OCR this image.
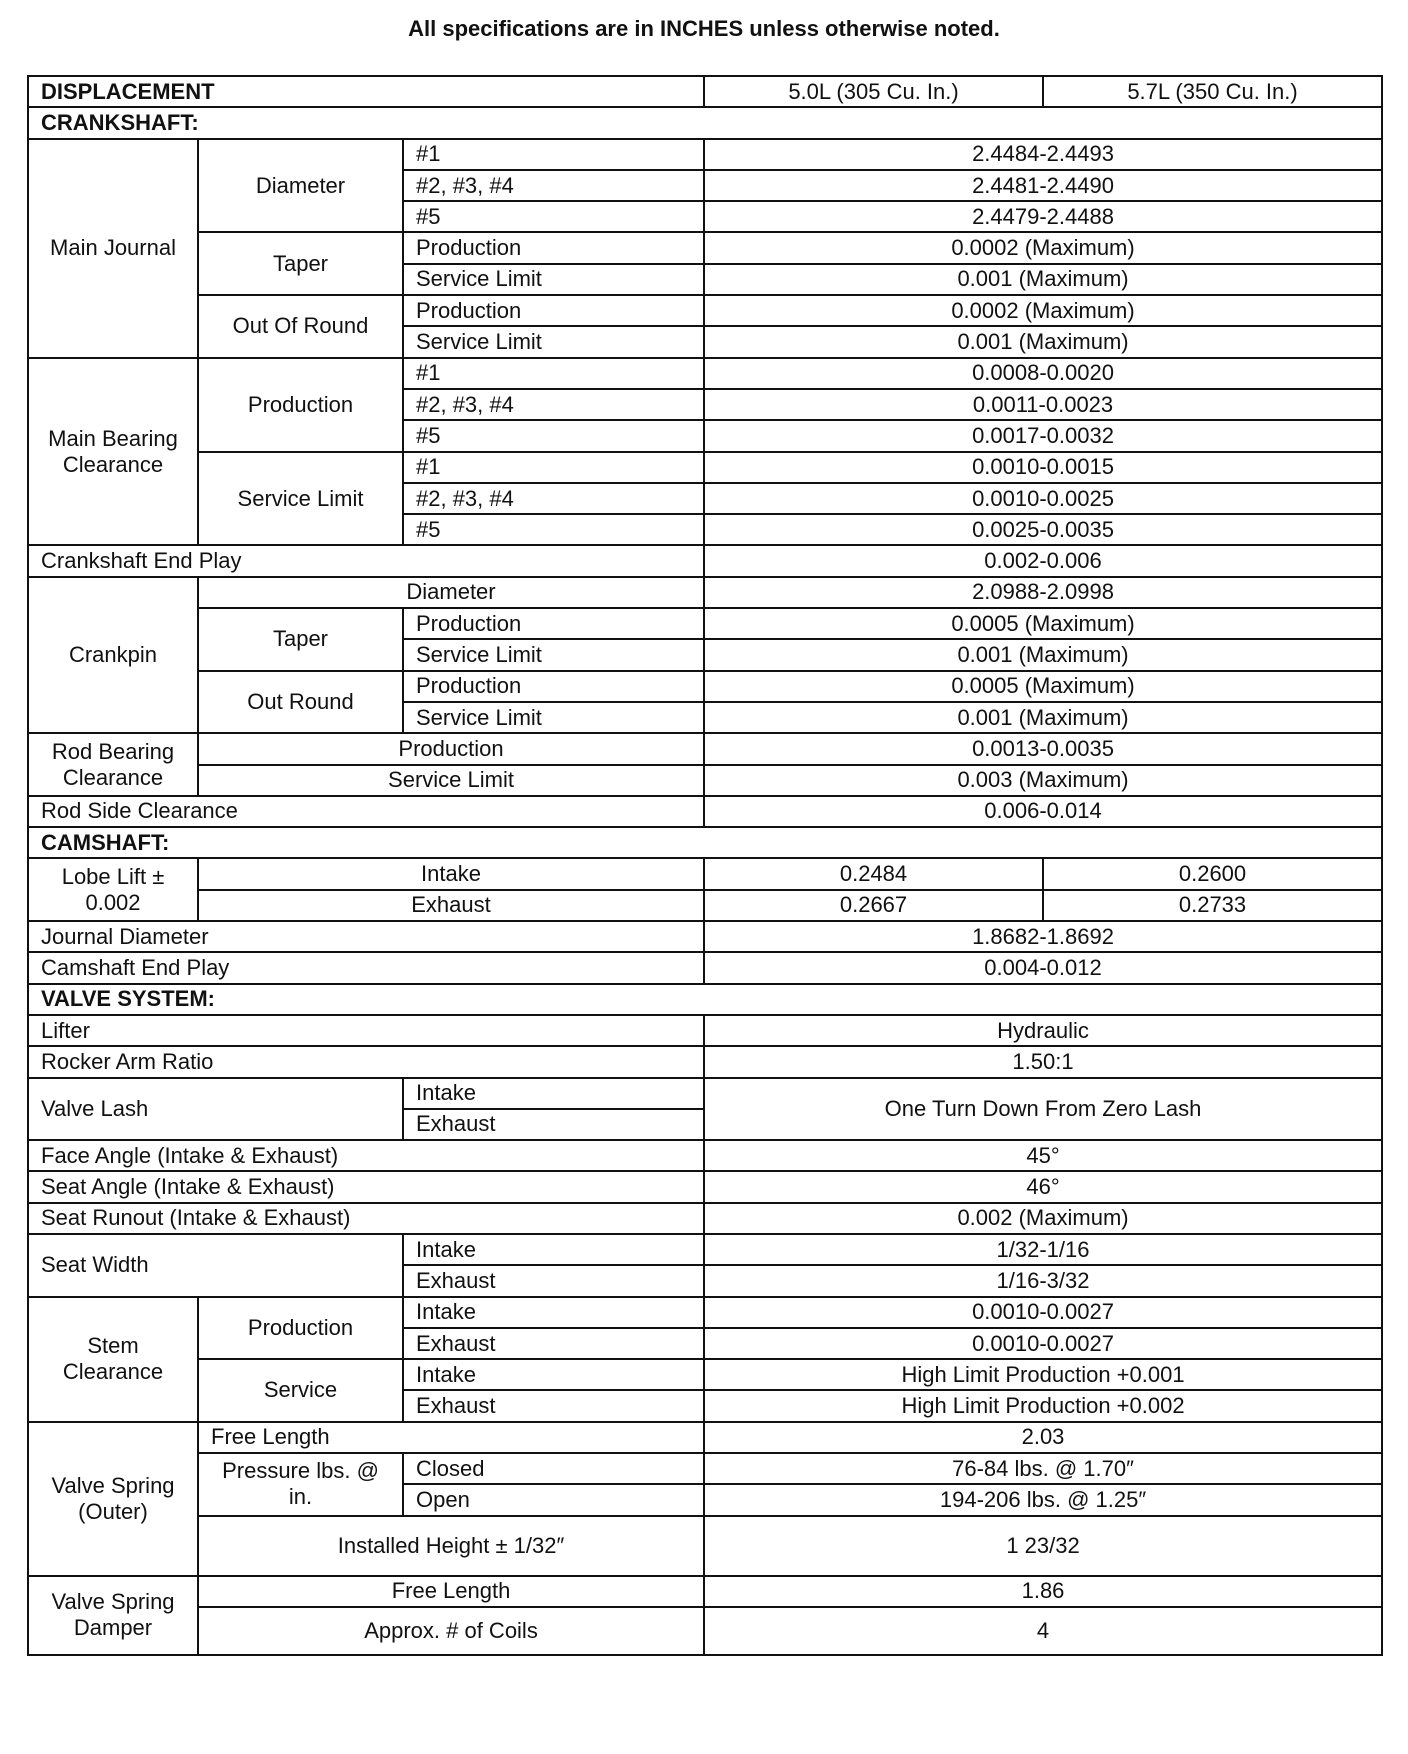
All specifications are in INCHES unless otherwise noted.
DISPLACEMENT			5.0L (305 Cu. In.)	5.7L (350 Cu. In.)
CRANKSHAFT:				
Main Journal	Diameter	#1	2.4484-2.4493	
		#2, #3, #4	2.4481-2.4490	
		#5	2.4479-2.4488	
	Taper	Production	0.0002 (Maximum)	
		Service Limit	0.001 (Maximum)	
	Out Of Round	Production	0.0002 (Maximum)	
		Service Limit	0.001 (Maximum)	
Main Bearing Clearance	Production	#1	0.0008-0.0020	
		#2, #3, #4	0.0011-0.0023	
		#5	0.0017-0.0032	
	Service Limit	#1	0.0010-0.0015	
		#2, #3, #4	0.0010-0.0025	
		#5	0.0025-0.0035	
Crankshaft End Play			0.002-0.006	
Crankpin	Diameter		2.0988-2.0998	
	Taper	Production	0.0005 (Maximum)	
		Service Limit	0.001 (Maximum)	
	Out Round	Production	0.0005 (Maximum)	
		Service Limit	0.001 (Maximum)	
Rod Bearing Clearance	Production		0.0013-0.0035	
	Service Limit		0.003 (Maximum)	
Rod Side Clearance			0.006-0.014	
CAMSHAFT:				
Lobe Lift ± 0.002	Intake		0.2484	0.2600
	Exhaust		0.2667	0.2733
Journal Diameter			1.8682-1.8692	
Camshaft End Play			0.004-0.012	
VALVE SYSTEM:				
Lifter			Hydraulic	
Rocker Arm Ratio			1.50:1	
Valve Lash		Intake	One Turn Down From Zero Lash	
		Exhaust		
Face Angle (Intake & Exhaust)			45°	
Seat Angle (Intake & Exhaust)			46°	
Seat Runout (Intake & Exhaust)			0.002 (Maximum)	
Seat Width		Intake	1/32-1/16	
		Exhaust	1/16-3/32	
Stem Clearance	Production	Intake	0.0010-0.0027	
		Exhaust	0.0010-0.0027	
	Service	Intake	High Limit Production +0.001	
		Exhaust	High Limit Production +0.002	
Valve Spring (Outer)	Free Length		2.03	
	Pressure lbs. @ in.	Closed	76-84 lbs. @ 1.70″	
		Open	194-206 lbs. @ 1.25″	
	Installed Height ± 1/32″		1 23/32	
Valve Spring Damper	Free Length		1.86	
	Approx. # of Coils		4	
